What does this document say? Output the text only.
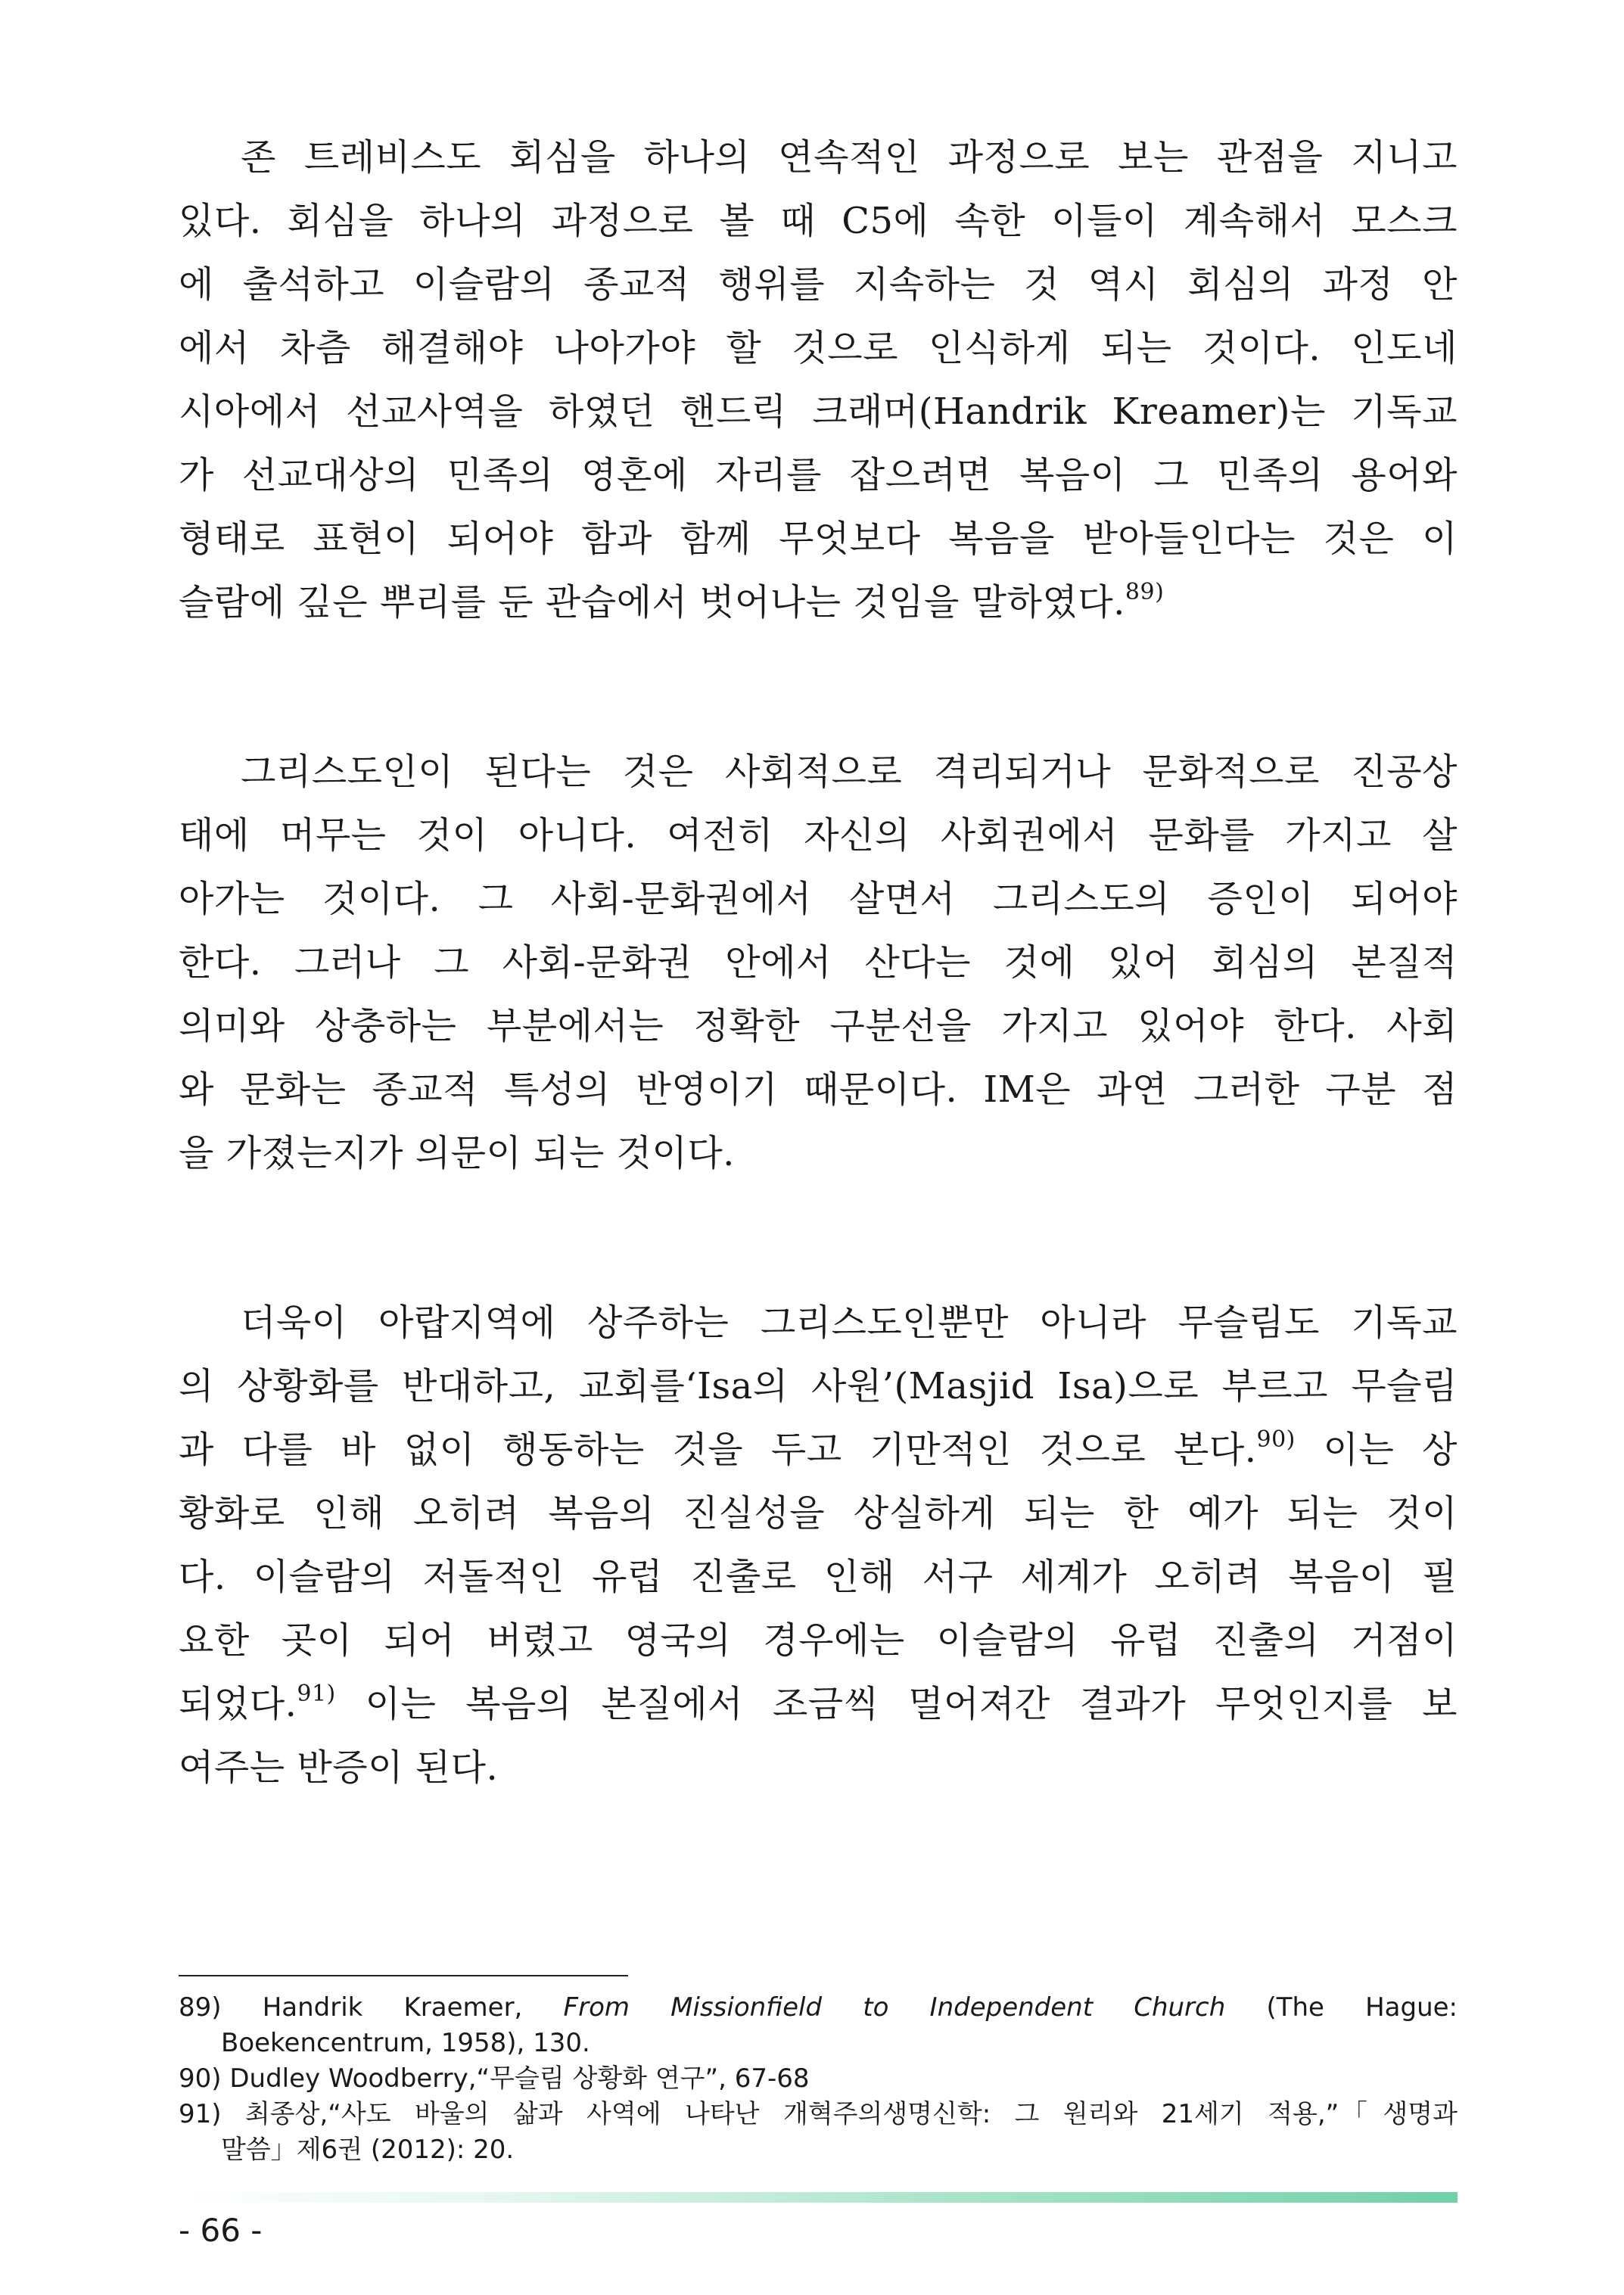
존 트레비스도 회심을 하나의 연속적인 과정으로 보는 관점을 지니고
있다. 회심을 하나의 과정으로 볼 때 C5에 속한 이들이 계속해서 모스크
에 출석하고 이슬람의 종교적 행위를 지속하는 것 역시 회심의 과정 안
에서 차츰 해결해야 나아가야 할 것으로 인식하게 되는 것이다. 인도네
시아에서 선교사역을 하였던 핸드릭 크래머(Handrik Kreamer)는 기독교
가 선교대상의 민족의 영혼에 자리를 잡으려면 복음이 그 민족의 용어와
형태로 표현이 되어야 함과 함께 무엇보다 복음을 받아들인다는 것은 이
슬람에 깊은 뿌리를 둔 관습에서 벗어나는 것임을 말하였다.$^{89)}$
그리스도인이 된다는 것은 사회적으로 격리되거나 문화적으로 진공상
태에 머무는 것이 아니다. 여전히 자신의 사회권에서 문화를 가지고 살
아가는 것이다. 그 사회-문화권에서 살면서 그리스도의 증인이 되어야
한다. 그러나 그 사회-문화권 안에서 산다는 것에 있어 회심의 본질적
의미와 상충하는 부분에서는 정확한 구분선을 가지고 있어야 한다. 사회
와 문화는 종교적 특성의 반영이기 때문이다. IM은 과연 그러한 구분 점
을 가졌는지가 의문이 되는 것이다.
더욱이 아랍지역에 상주하는 그리스도인뿐만 아니라 무슬림도 기독교
의 상황화를 반대하고, 교회를‘Isa의 사원’(Masjid Isa)으로 부르고 무슬림
과 다를 바 없이 행동하는 것을 두고 기만적인 것으로 본다.$^{90)}$ 이는 상
황화로 인해 오히려 복음의 진실성을 상실하게 되는 한 예가 되는 것이
다. 이슬람의 저돌적인 유럽 진출로 인해 서구 세계가 오히려 복음이 필
요한 곳이 되어 버렸고 영국의 경우에는 이슬람의 유럽 진출의 거점이
되었다.$^{91)}$ 이는 복음의 본질에서 조금씩 멀어져간 결과가 무엇인지를 보
여주는 반증이 된다.
89) Handrik Kraemer, From Missionfield to Independent Church (The Hague:
Boekencentrum, 1958), 130.
90) Dudley Woodberry,“무슬림 상황화 연구”, 67-68
91) 최종상,“사도 바울의 삶과 사역에 나타난 개혁주의생명신학: 그 원리와 21세기 적용,”「생명과
말씀」제6권 (2012): 20.
- 66 -
